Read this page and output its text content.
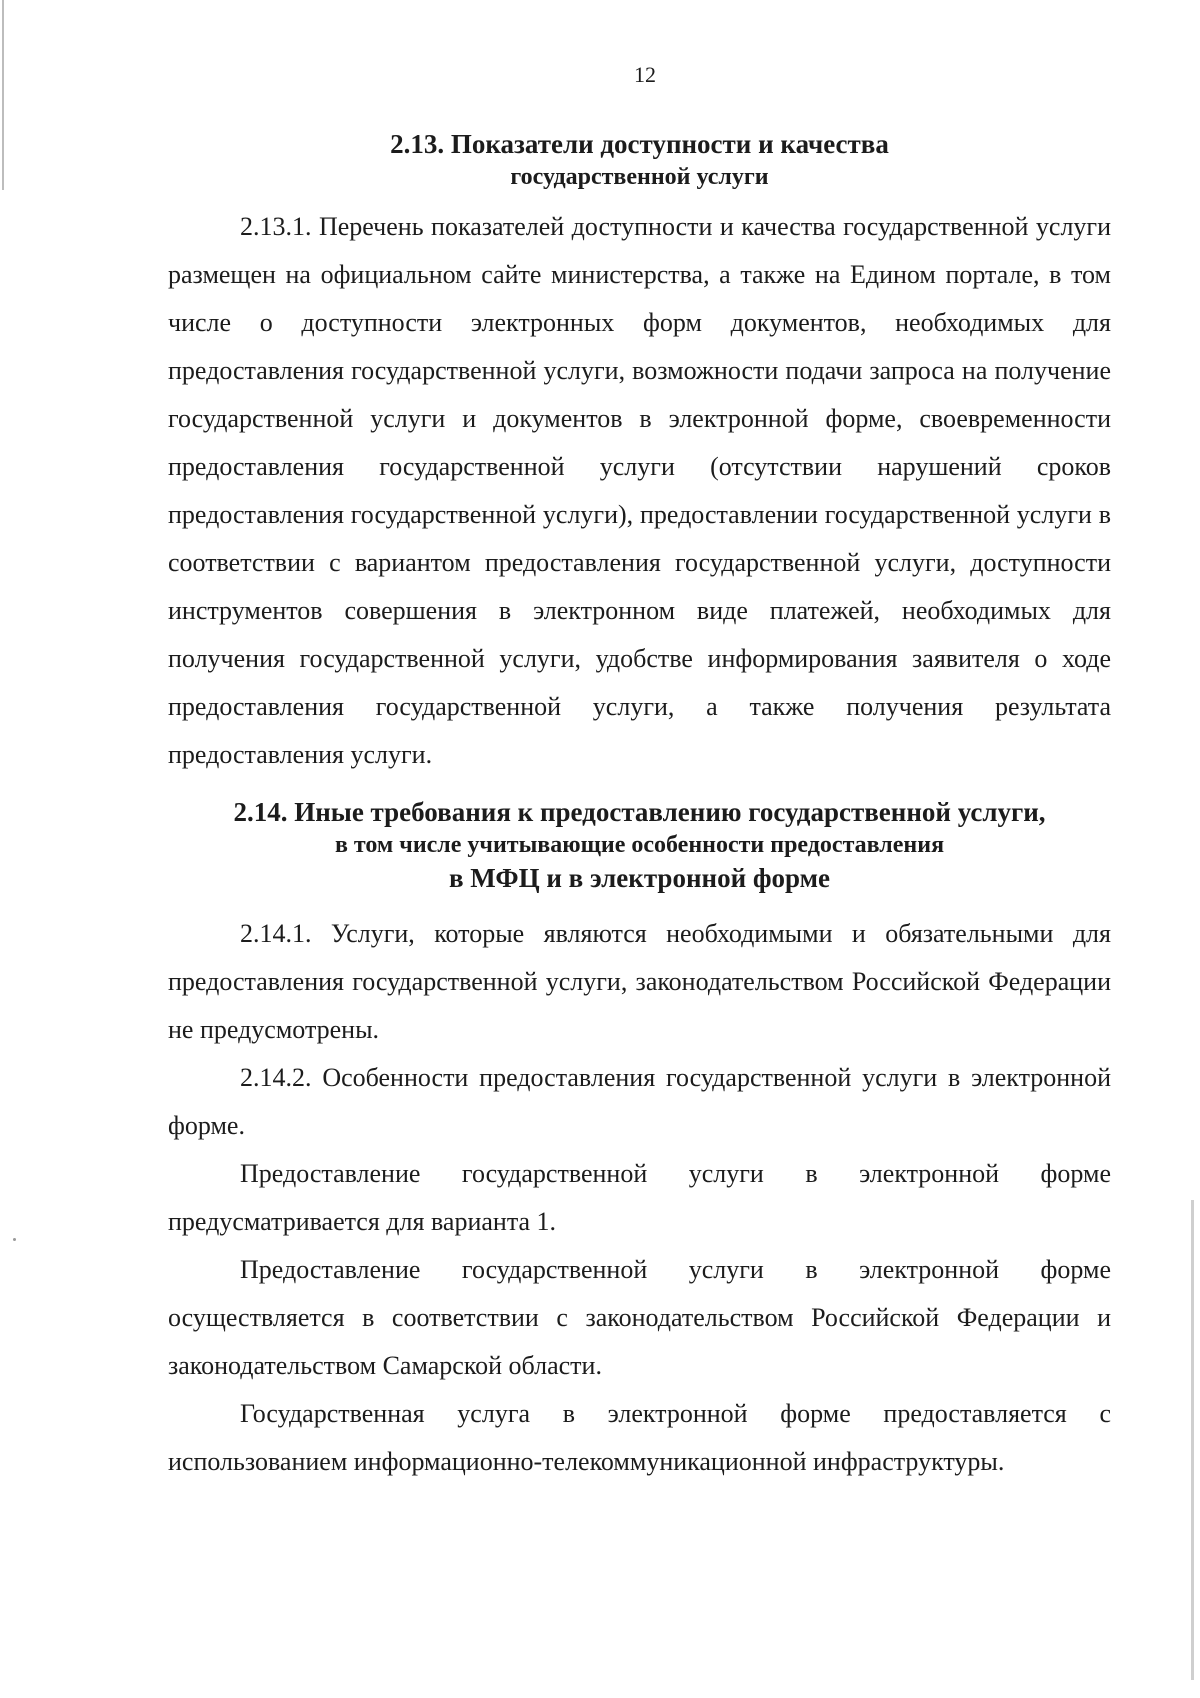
12
2.13. Показатели доступности и качества
государственной услуги

2.13.1. Перечень показателей доступности и качества государственной услуги размещен на официальном сайте министерства, а также на Едином портале, в том числе о доступности электронных форм документов, необходимых для предоставления государственной услуги, возможности подачи запроса на получение государственной услуги и документов в электронной форме, своевременности предоставления государственной услуги (отсутствии нарушений сроков предоставления государственной услуги), предоставлении государственной услуги в соответствии с вариантом предоставления государственной услуги, доступности инструментов совершения в электронном виде платежей, необходимых для получения государственной услуги, удобстве информирования заявителя о ходе предоставления государственной услуги, а также получения результата предоставления услуги.

2.14. Иные требования к предоставлению государственной услуги,
в том числе учитывающие особенности предоставления
в МФЦ и в электронной форме

2.14.1. Услуги, которые являются необходимыми и обязательными для предоставления государственной услуги, законодательством Российской Федерации не предусмотрены.

2.14.2. Особенности предоставления государственной услуги в электронной форме.

Предоставление государственной услуги в электронной форме предусматривается для варианта 1.

Предоставление государственной услуги в электронной форме осуществляется в соответствии с законодательством Российской Федерации и законодательством Самарской области.

Государственная услуга в электронной форме предоставляется с использованием информационно-телекоммуникационной инфраструктуры.
